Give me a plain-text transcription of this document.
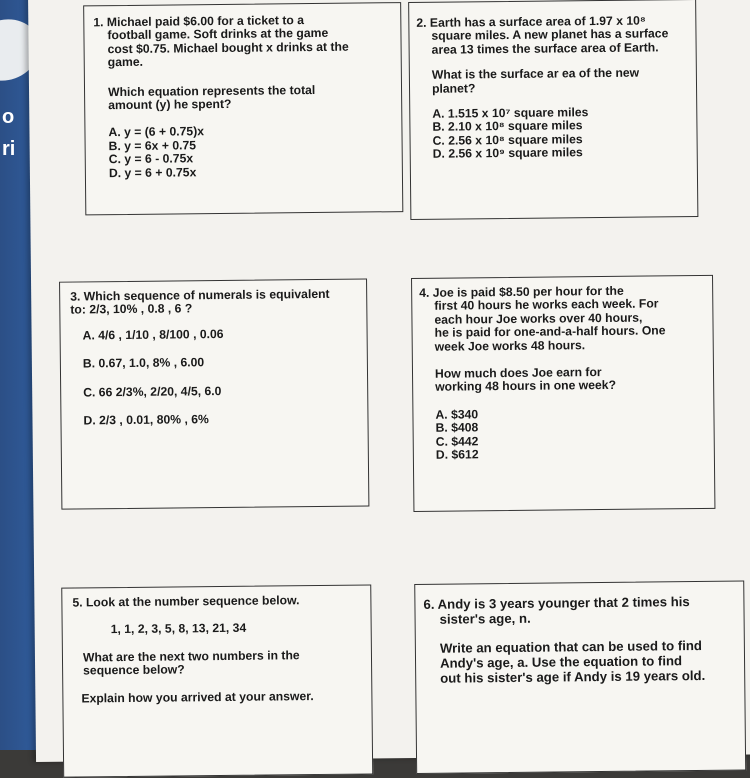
o
ri
1. Michael paid $6.00 for a ticket to a
football game. Soft drinks at the game
cost $0.75. Michael bought x drinks at the
game.
Which equation represents the total
amount (y) he spent?
A. y = (6 + 0.75)x
B. y = 6x + 0.75
C. y = 6 - 0.75x
D. y = 6 + 0.75x
2. Earth has a surface area of 1.97 x 10⁸
square miles. A new planet has a surface
area 13 times the surface area of Earth.
What is the surface ar ea of the new
planet?
A. 1.515 x 10⁷ square miles
B. 2.10 x 10⁸ square miles
C. 2.56 x 10⁸ square miles
D. 2.56 x 10⁹ square miles
3. Which sequence of numerals is equivalent
to: 2/3, 10% , 0.8 , 6 ?
A. 4/6 , 1/10 , 8/100 , 0.06
B. 0.67, 1.0, 8% , 6.00
C. 66 2/3%, 2/20, 4/5, 6.0
D. 2/3 , 0.01, 80% , 6%
4. Joe is paid $8.50 per hour for the
first 40 hours he works each week. For
each hour Joe works over 40 hours,
he is paid for one-and-a-half hours. One
week Joe works 48 hours.
How much does Joe earn for
working 48 hours in one week?
A. $340
B. $408
C. $442
D. $612
5. Look at the number sequence below.
1, 1, 2, 3, 5, 8, 13, 21, 34
What are the next two numbers in the
sequence below?
Explain how you arrived at your answer.
6. Andy is 3 years younger that 2 times his
sister's age, n.
Write an equation that can be used to find
Andy's age, a. Use the equation to find
out his sister's age if Andy is 19 years old.
